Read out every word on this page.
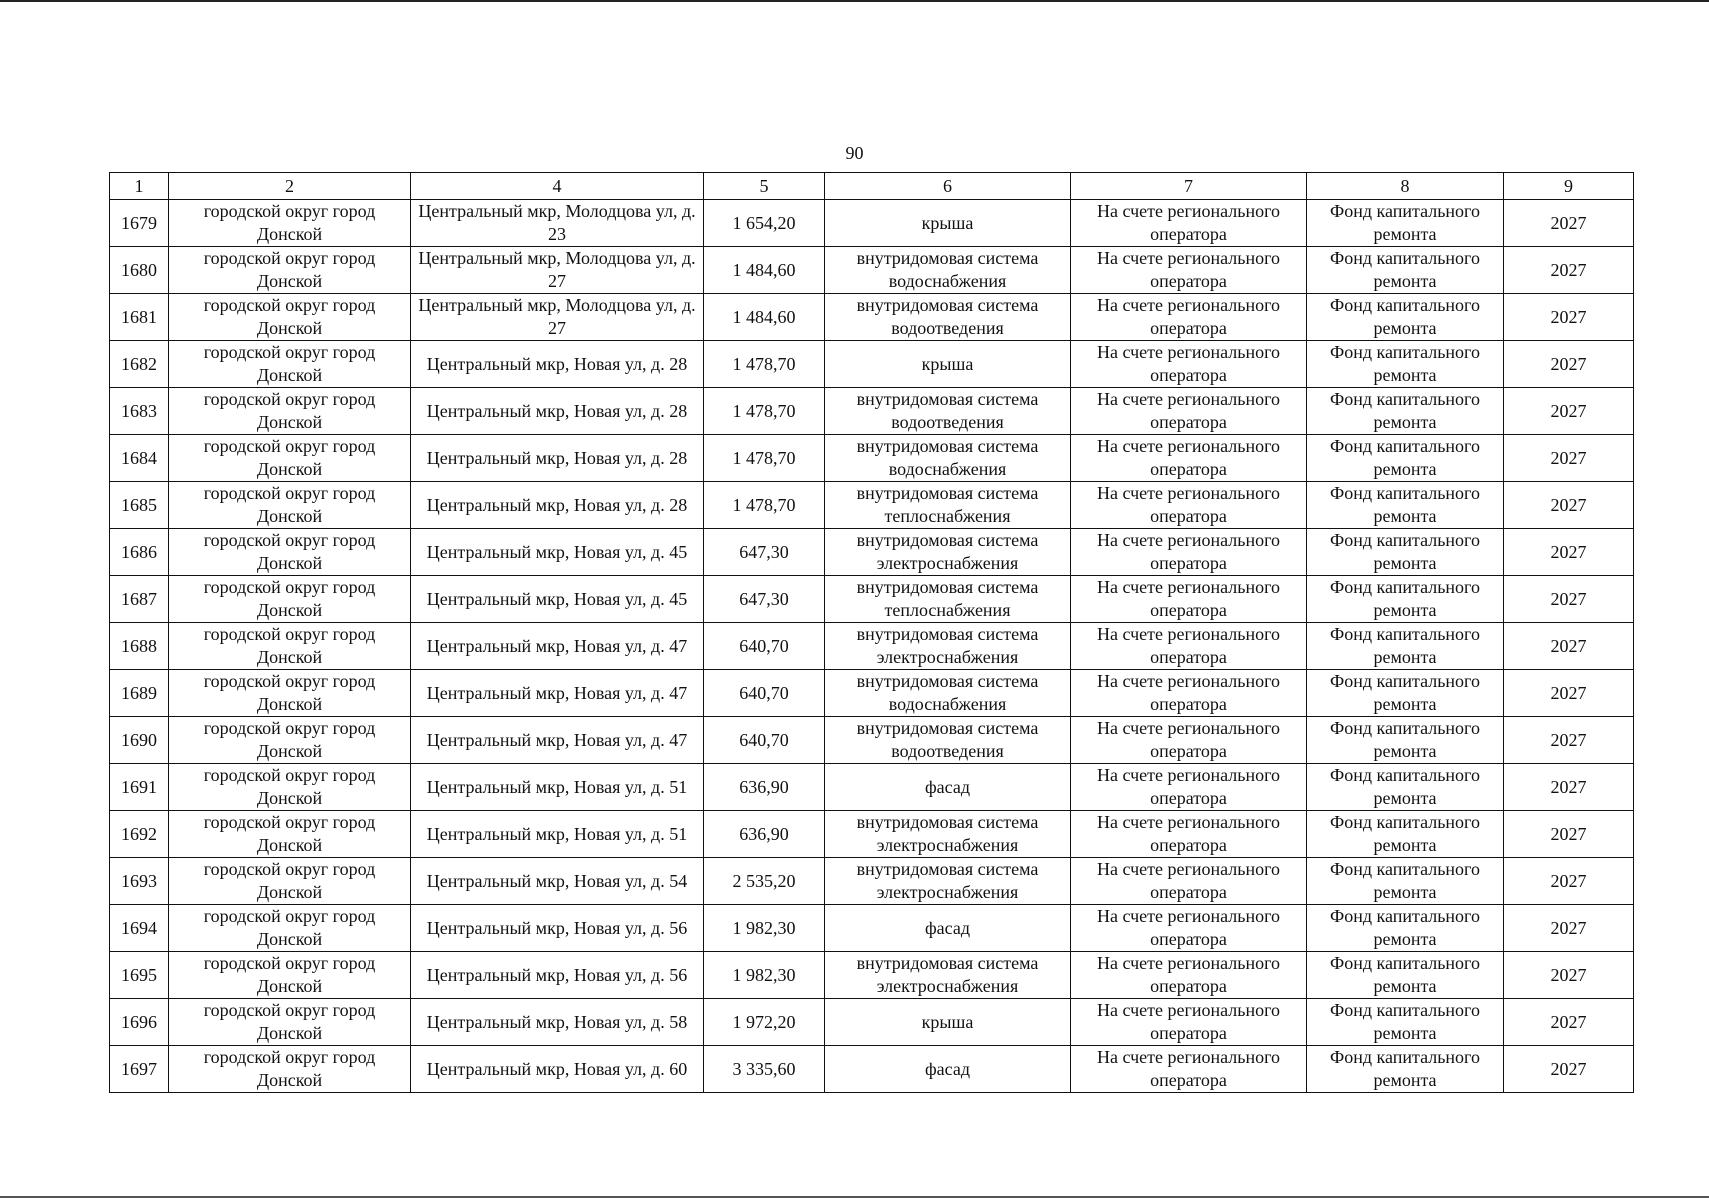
90
1	2	4	5	6	7	8	9
1679	городской округ город Донской	Центральный мкр, Молодцова ул, д. 23	1 654,20	крыша	На счете регионального оператора	Фонд капитального ремонта	2027
1680	городской округ город Донской	Центральный мкр, Молодцова ул, д. 27	1 484,60	внутридомовая система водоснабжения	На счете регионального оператора	Фонд капитального ремонта	2027
1681	городской округ город Донской	Центральный мкр, Молодцова ул, д. 27	1 484,60	внутридомовая система водоотведения	На счете регионального оператора	Фонд капитального ремонта	2027
1682	городской округ город Донской	Центральный мкр, Новая ул, д. 28	1 478,70	крыша	На счете регионального оператора	Фонд капитального ремонта	2027
1683	городской округ город Донской	Центральный мкр, Новая ул, д. 28	1 478,70	внутридомовая система водоотведения	На счете регионального оператора	Фонд капитального ремонта	2027
1684	городской округ город Донской	Центральный мкр, Новая ул, д. 28	1 478,70	внутридомовая система водоснабжения	На счете регионального оператора	Фонд капитального ремонта	2027
1685	городской округ город Донской	Центральный мкр, Новая ул, д. 28	1 478,70	внутридомовая система теплоснабжения	На счете регионального оператора	Фонд капитального ремонта	2027
1686	городской округ город Донской	Центральный мкр, Новая ул, д. 45	647,30	внутридомовая система электроснабжения	На счете регионального оператора	Фонд капитального ремонта	2027
1687	городской округ город Донской	Центральный мкр, Новая ул, д. 45	647,30	внутридомовая система теплоснабжения	На счете регионального оператора	Фонд капитального ремонта	2027
1688	городской округ город Донской	Центральный мкр, Новая ул, д. 47	640,70	внутридомовая система электроснабжения	На счете регионального оператора	Фонд капитального ремонта	2027
1689	городской округ город Донской	Центральный мкр, Новая ул, д. 47	640,70	внутридомовая система водоснабжения	На счете регионального оператора	Фонд капитального ремонта	2027
1690	городской округ город Донской	Центральный мкр, Новая ул, д. 47	640,70	внутридомовая система водоотведения	На счете регионального оператора	Фонд капитального ремонта	2027
1691	городской округ город Донской	Центральный мкр, Новая ул, д. 51	636,90	фасад	На счете регионального оператора	Фонд капитального ремонта	2027
1692	городской округ город Донской	Центральный мкр, Новая ул, д. 51	636,90	внутридомовая система электроснабжения	На счете регионального оператора	Фонд капитального ремонта	2027
1693	городской округ город Донской	Центральный мкр, Новая ул, д. 54	2 535,20	внутридомовая система электроснабжения	На счете регионального оператора	Фонд капитального ремонта	2027
1694	городской округ город Донской	Центральный мкр, Новая ул, д. 56	1 982,30	фасад	На счете регионального оператора	Фонд капитального ремонта	2027
1695	городской округ город Донской	Центральный мкр, Новая ул, д. 56	1 982,30	внутридомовая система электроснабжения	На счете регионального оператора	Фонд капитального ремонта	2027
1696	городской округ город Донской	Центральный мкр, Новая ул, д. 58	1 972,20	крыша	На счете регионального оператора	Фонд капитального ремонта	2027
1697	городской округ город Донской	Центральный мкр, Новая ул, д. 60	3 335,60	фасад	На счете регионального оператора	Фонд капитального ремонта	2027
